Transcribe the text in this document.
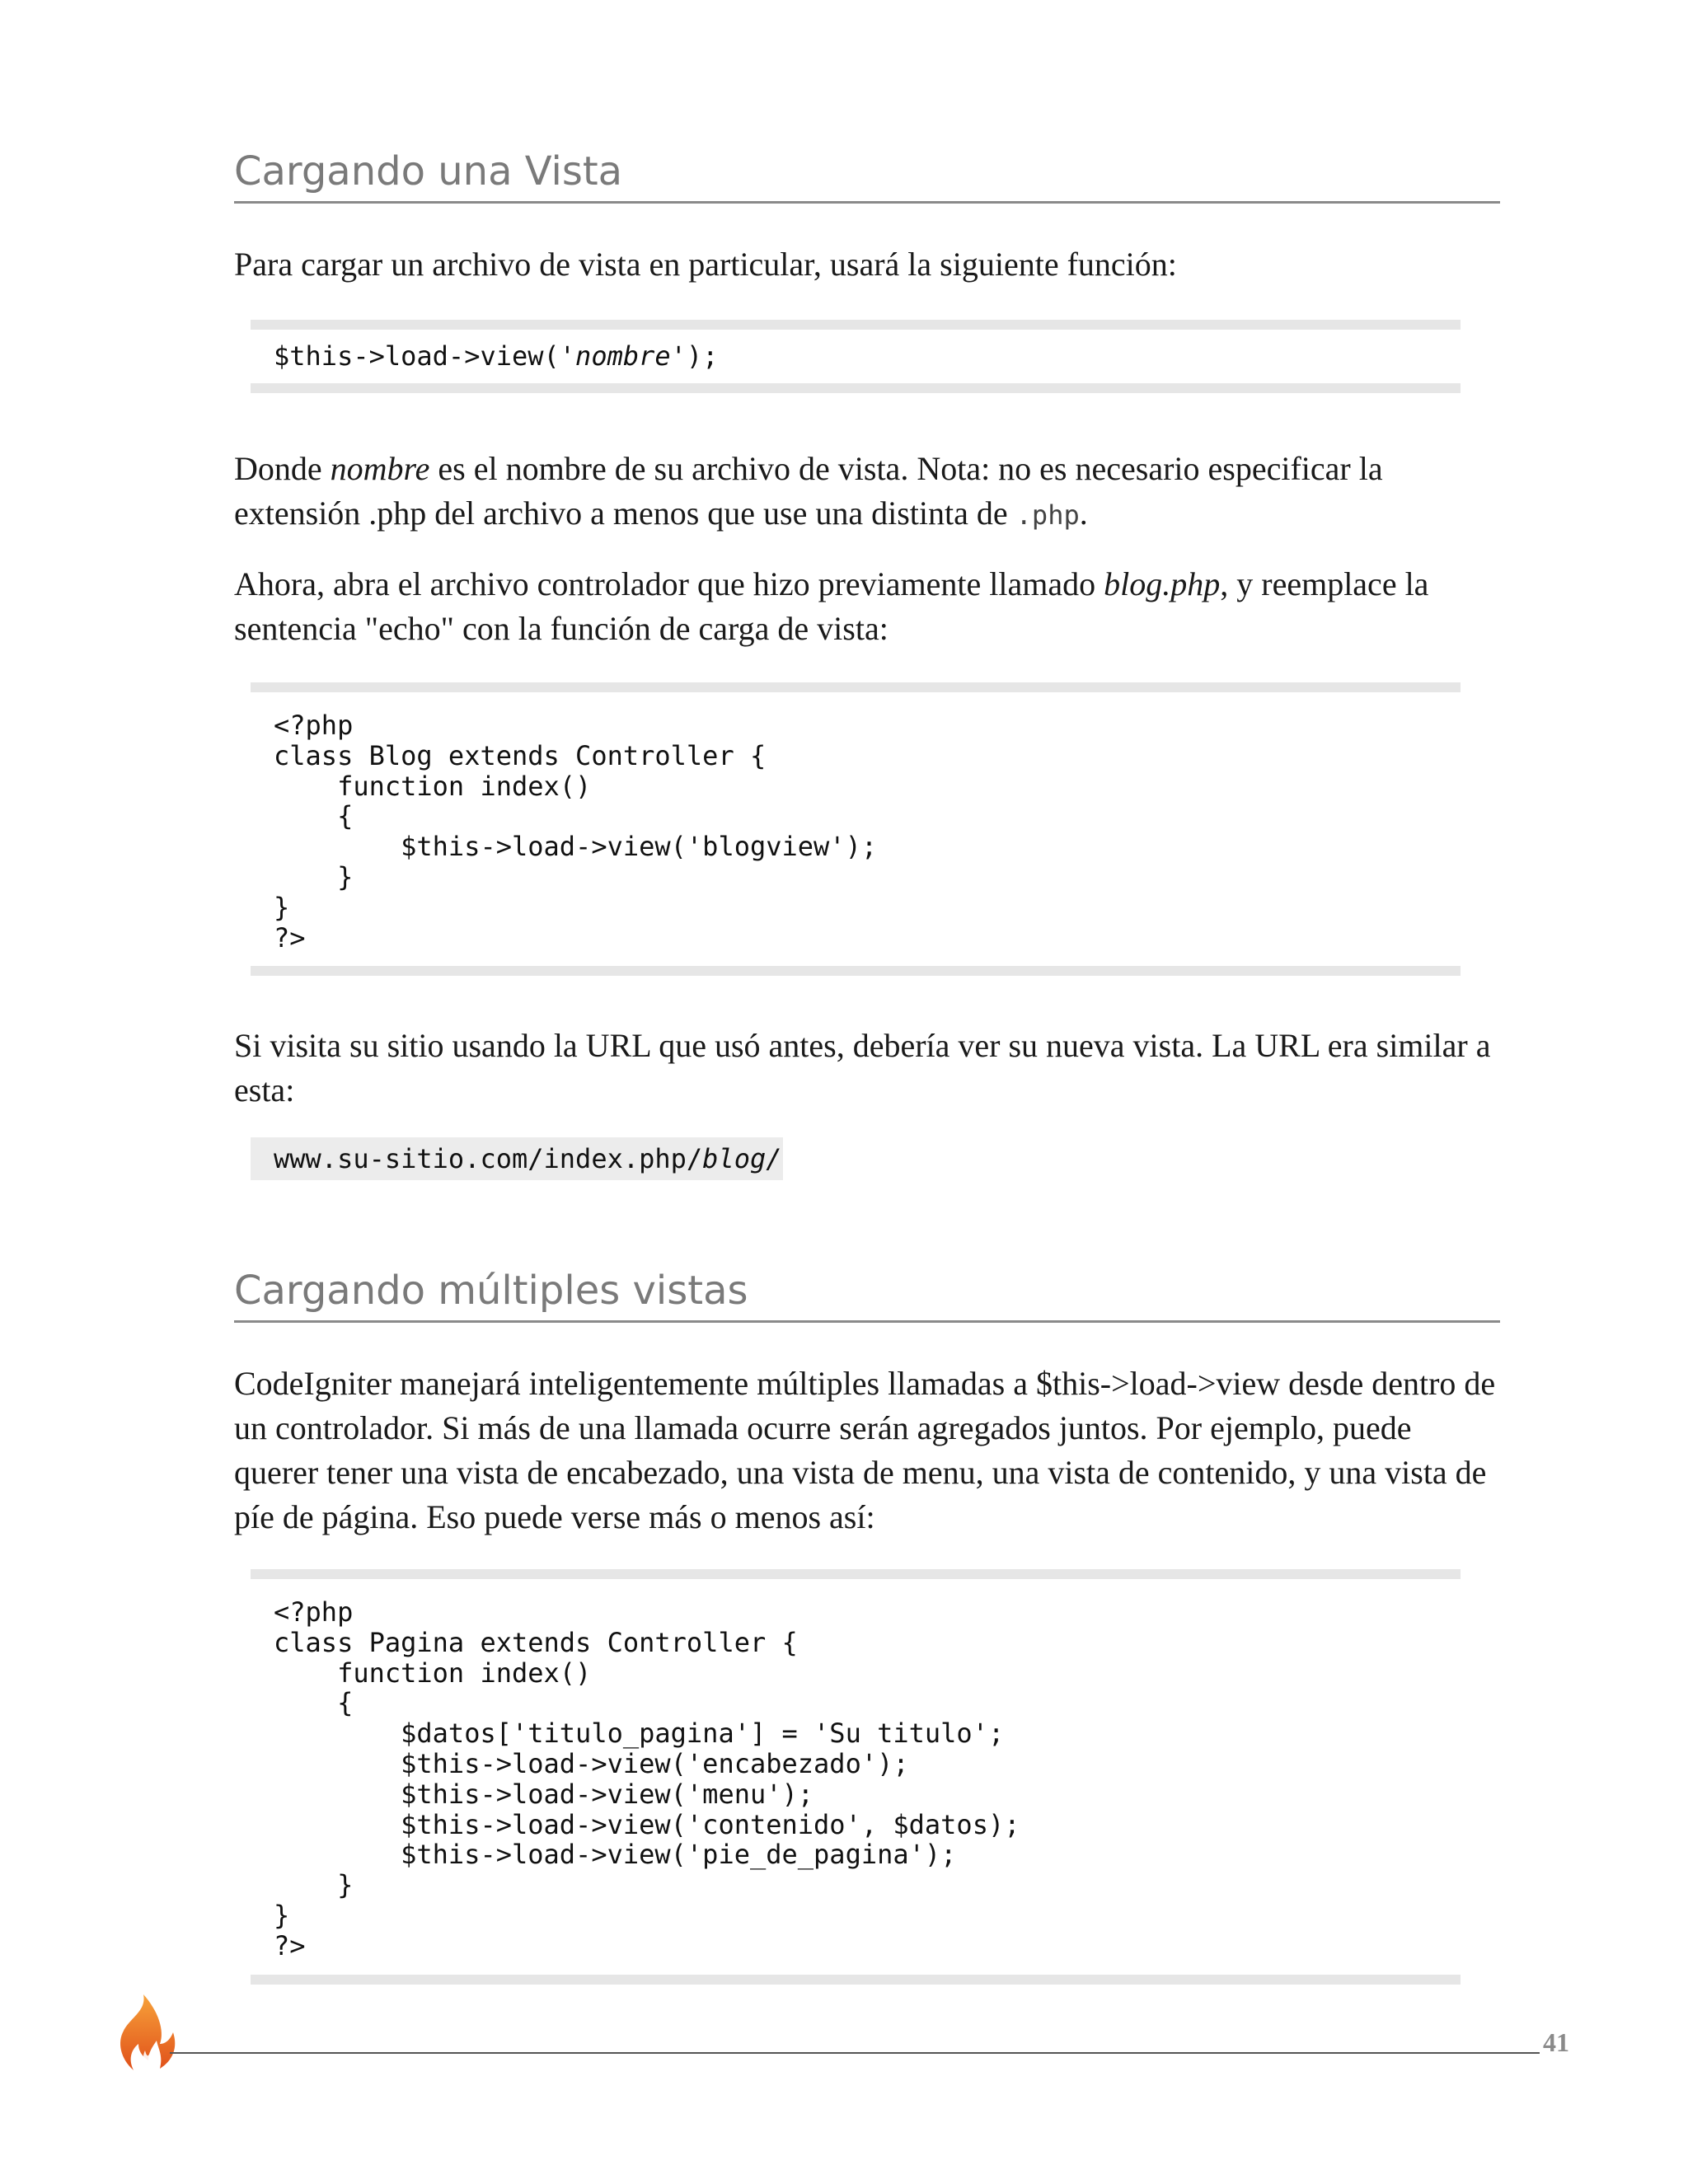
Cargando una Vista

Para cargar un archivo de vista en particular, usará la siguiente función:

$this->load->view('nombre');

Donde nombre es el nombre de su archivo de vista. Nota: no es necesario especificar la extensión .php del archivo a menos que use una distinta de .php.

Ahora, abra el archivo controlador que hizo previamente llamado blog.php, y reemplace la sentencia "echo" con la función de carga de vista:

<?php
class Blog extends Controller {
function index()
{
$this->load->view('blogview');
}
}
?>

Si visita su sitio usando la URL que usó antes, debería ver su nueva vista. La URL era similar a esta:

www.su-sitio.com/index.php/blog/
Cargando múltiples vistas

CodeIgniter manejará inteligentemente múltiples llamadas a $this->load->view desde dentro de un controlador. Si más de una llamada ocurre serán agregados juntos. Por ejemplo, puede querer tener una vista de encabezado, una vista de menu, una vista de contenido, y una vista de píe de página. Eso puede verse más o menos así:

<?php
class Pagina extends Controller {
function index()
{
$datos['titulo_pagina'] = 'Su titulo';
$this->load->view('encabezado');
$this->load->view('menu');
$this->load->view('contenido', $datos);
$this->load->view('pie_de_pagina');
}
}
?>
41
